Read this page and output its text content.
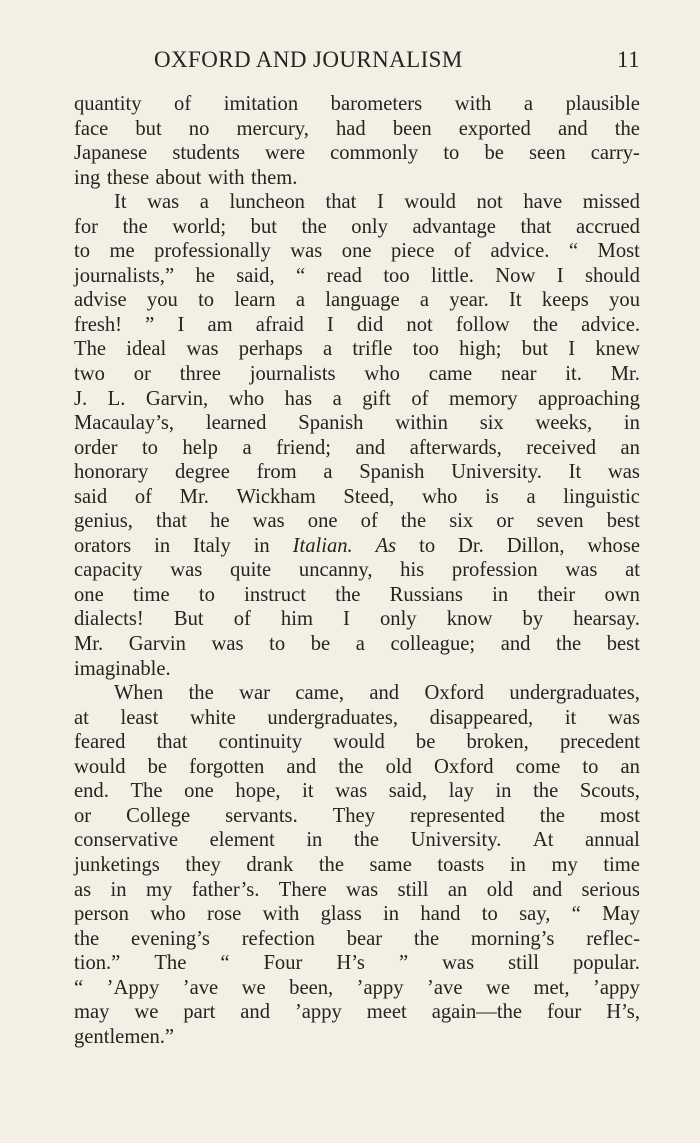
OXFORD AND JOURNALISM	11
quantity of imitation barometers with a plausible
face but no mercury, had been exported and the
Japanese students were commonly to be seen carry-
ing these about with them.
It was a luncheon that I would not have missed
for the world; but the only advantage that accrued
to me professionally was one piece of advice. “ Most
journalists,” he said, “ read too little. Now I should
advise you to learn a language a year. It keeps you
fresh! ” I am afraid I did not follow the advice.
The ideal was perhaps a trifle too high; but I knew
two or three journalists who came near it. Mr.
J. L. Garvin, who has a gift of memory approaching
Macaulay’s, learned Spanish within six weeks, in
order to help a friend; and afterwards, received an
honorary degree from a Spanish University. It was
said of Mr. Wickham Steed, who is a linguistic
genius, that he was one of the six or seven best
orators in Italy in Italian. As to Dr. Dillon, whose
capacity was quite uncanny, his profession was at
one time to instruct the Russians in their own
dialects! But of him I only know by hearsay.
Mr. Garvin was to be a colleague; and the best
imaginable.
When the war came, and Oxford undergraduates,
at least white undergraduates, disappeared, it was
feared that continuity would be broken, precedent
would be forgotten and the old Oxford come to an
end. The one hope, it was said, lay in the Scouts,
or College servants. They represented the most
conservative element in the University. At annual
junketings they drank the same toasts in my time
as in my father’s. There was still an old and serious
person who rose with glass in hand to say, “ May
the evening’s refection bear the morning’s reflec-
tion.” The “ Four H’s ” was still popular.
“ ’Appy ’ave we been, ’appy ’ave we met, ’appy
may we part and ’appy meet again—the four H’s,
gentlemen.”
